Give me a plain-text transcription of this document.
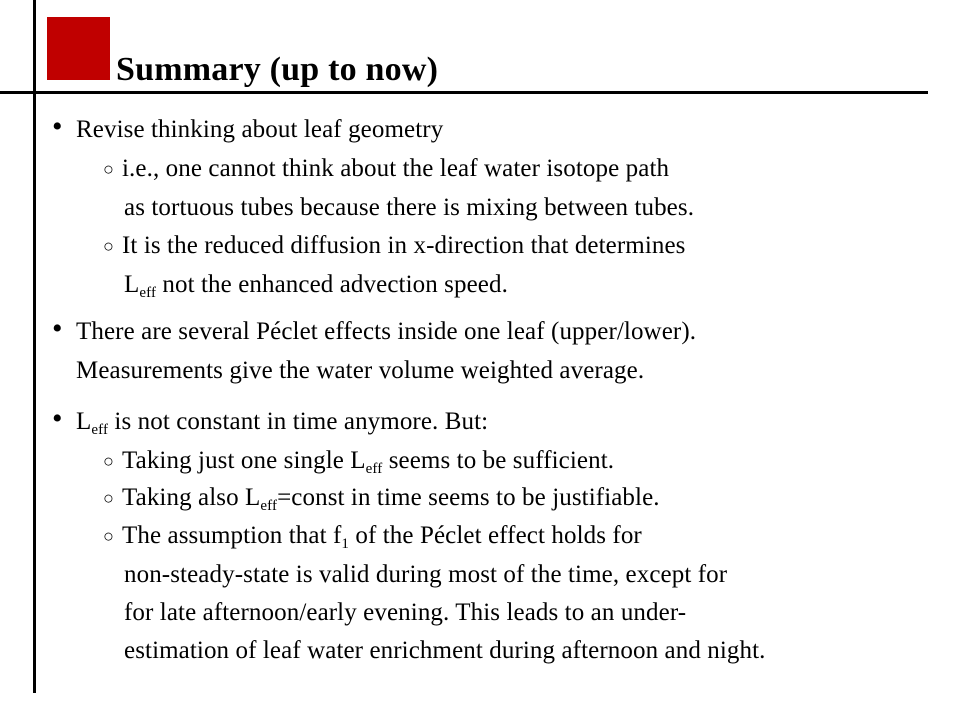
Summary (up to now)
• Revise thinking about leaf geometry
○ i.e., one cannot think about the leaf water isotope path
as tortuous tubes because there is mixing between tubes.
○ It is the reduced diffusion in x-direction that determines
$L_{eff}$ not the enhanced advection speed.
• There are several Péclet effects inside one leaf (upper/lower).
Measurements give the water volume weighted average.
• $L_{eff}$ is not constant in time anymore. But:
○ Taking just one single $L_{eff}$ seems to be sufficient.
○ Taking also $L_{eff}=const$ in time seems to be justifiable.
○ The assumption that $f_1$ of the Péclet effect holds for
non-steady-state is valid during most of the time, except for
for late afternoon/early evening. This leads to an under-
estimation of leaf water enrichment during afternoon and night.
